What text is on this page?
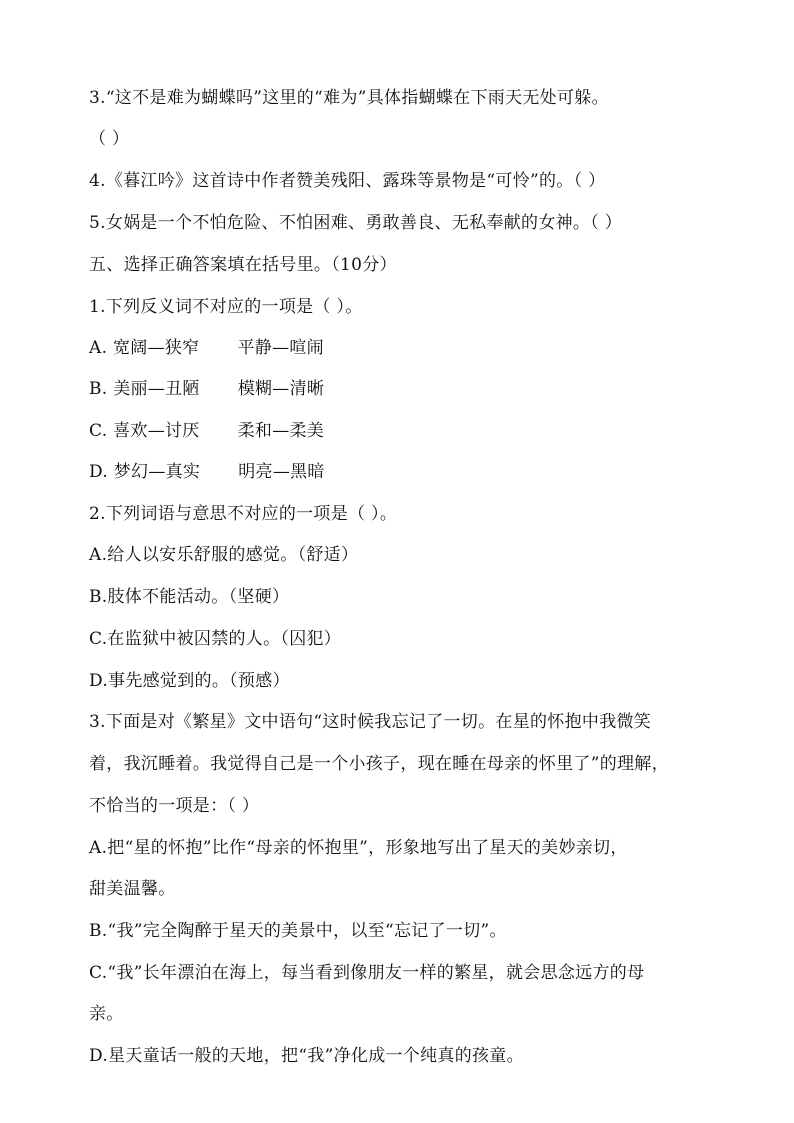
3.“这不是难为蝴蝶吗”这里的“难为”具体指蝴蝶在下雨天无处可躲。
（ ）
4.《暮江吟》这首诗中作者赞美残阳、露珠等景物是“可怜”的。（ ）
5.女娲是一个不怕危险、不怕困难、勇敢善良、无私奉献的女神。（ ）
五、选择正确答案填在括号里。（10分）
1.下列反义词不对应的一项是（ ）。
A. 宽阔—狭窄 平静—喧闹
B. 美丽—丑陋 模糊—清晰
C. 喜欢—讨厌 柔和—柔美
D. 梦幻—真实 明亮—黑暗
2.下列词语与意思不对应的一项是（ ）。
A.给人以安乐舒服的感觉。（舒适）
B.肢体不能活动。（坚硬）
C.在监狱中被囚禁的人。（囚犯）
D.事先感觉到的。（预感）
3.下面是对《繁星》文中语句“这时候我忘记了一切。在星的怀抱中我微笑
着，我沉睡着。我觉得自己是一个小孩子，现在睡在母亲的怀里了”的理解，
不恰当的一项是：（ ）
A.把“星的怀抱”比作“母亲的怀抱里”，形象地写出了星天的美妙亲切，
甜美温馨。
B.“我”完全陶醉于星天的美景中，以至“忘记了一切”。
C.“我”长年漂泊在海上，每当看到像朋友一样的繁星，就会思念远方的母
亲。
D.星天童话一般的天地，把“我”净化成一个纯真的孩童。
